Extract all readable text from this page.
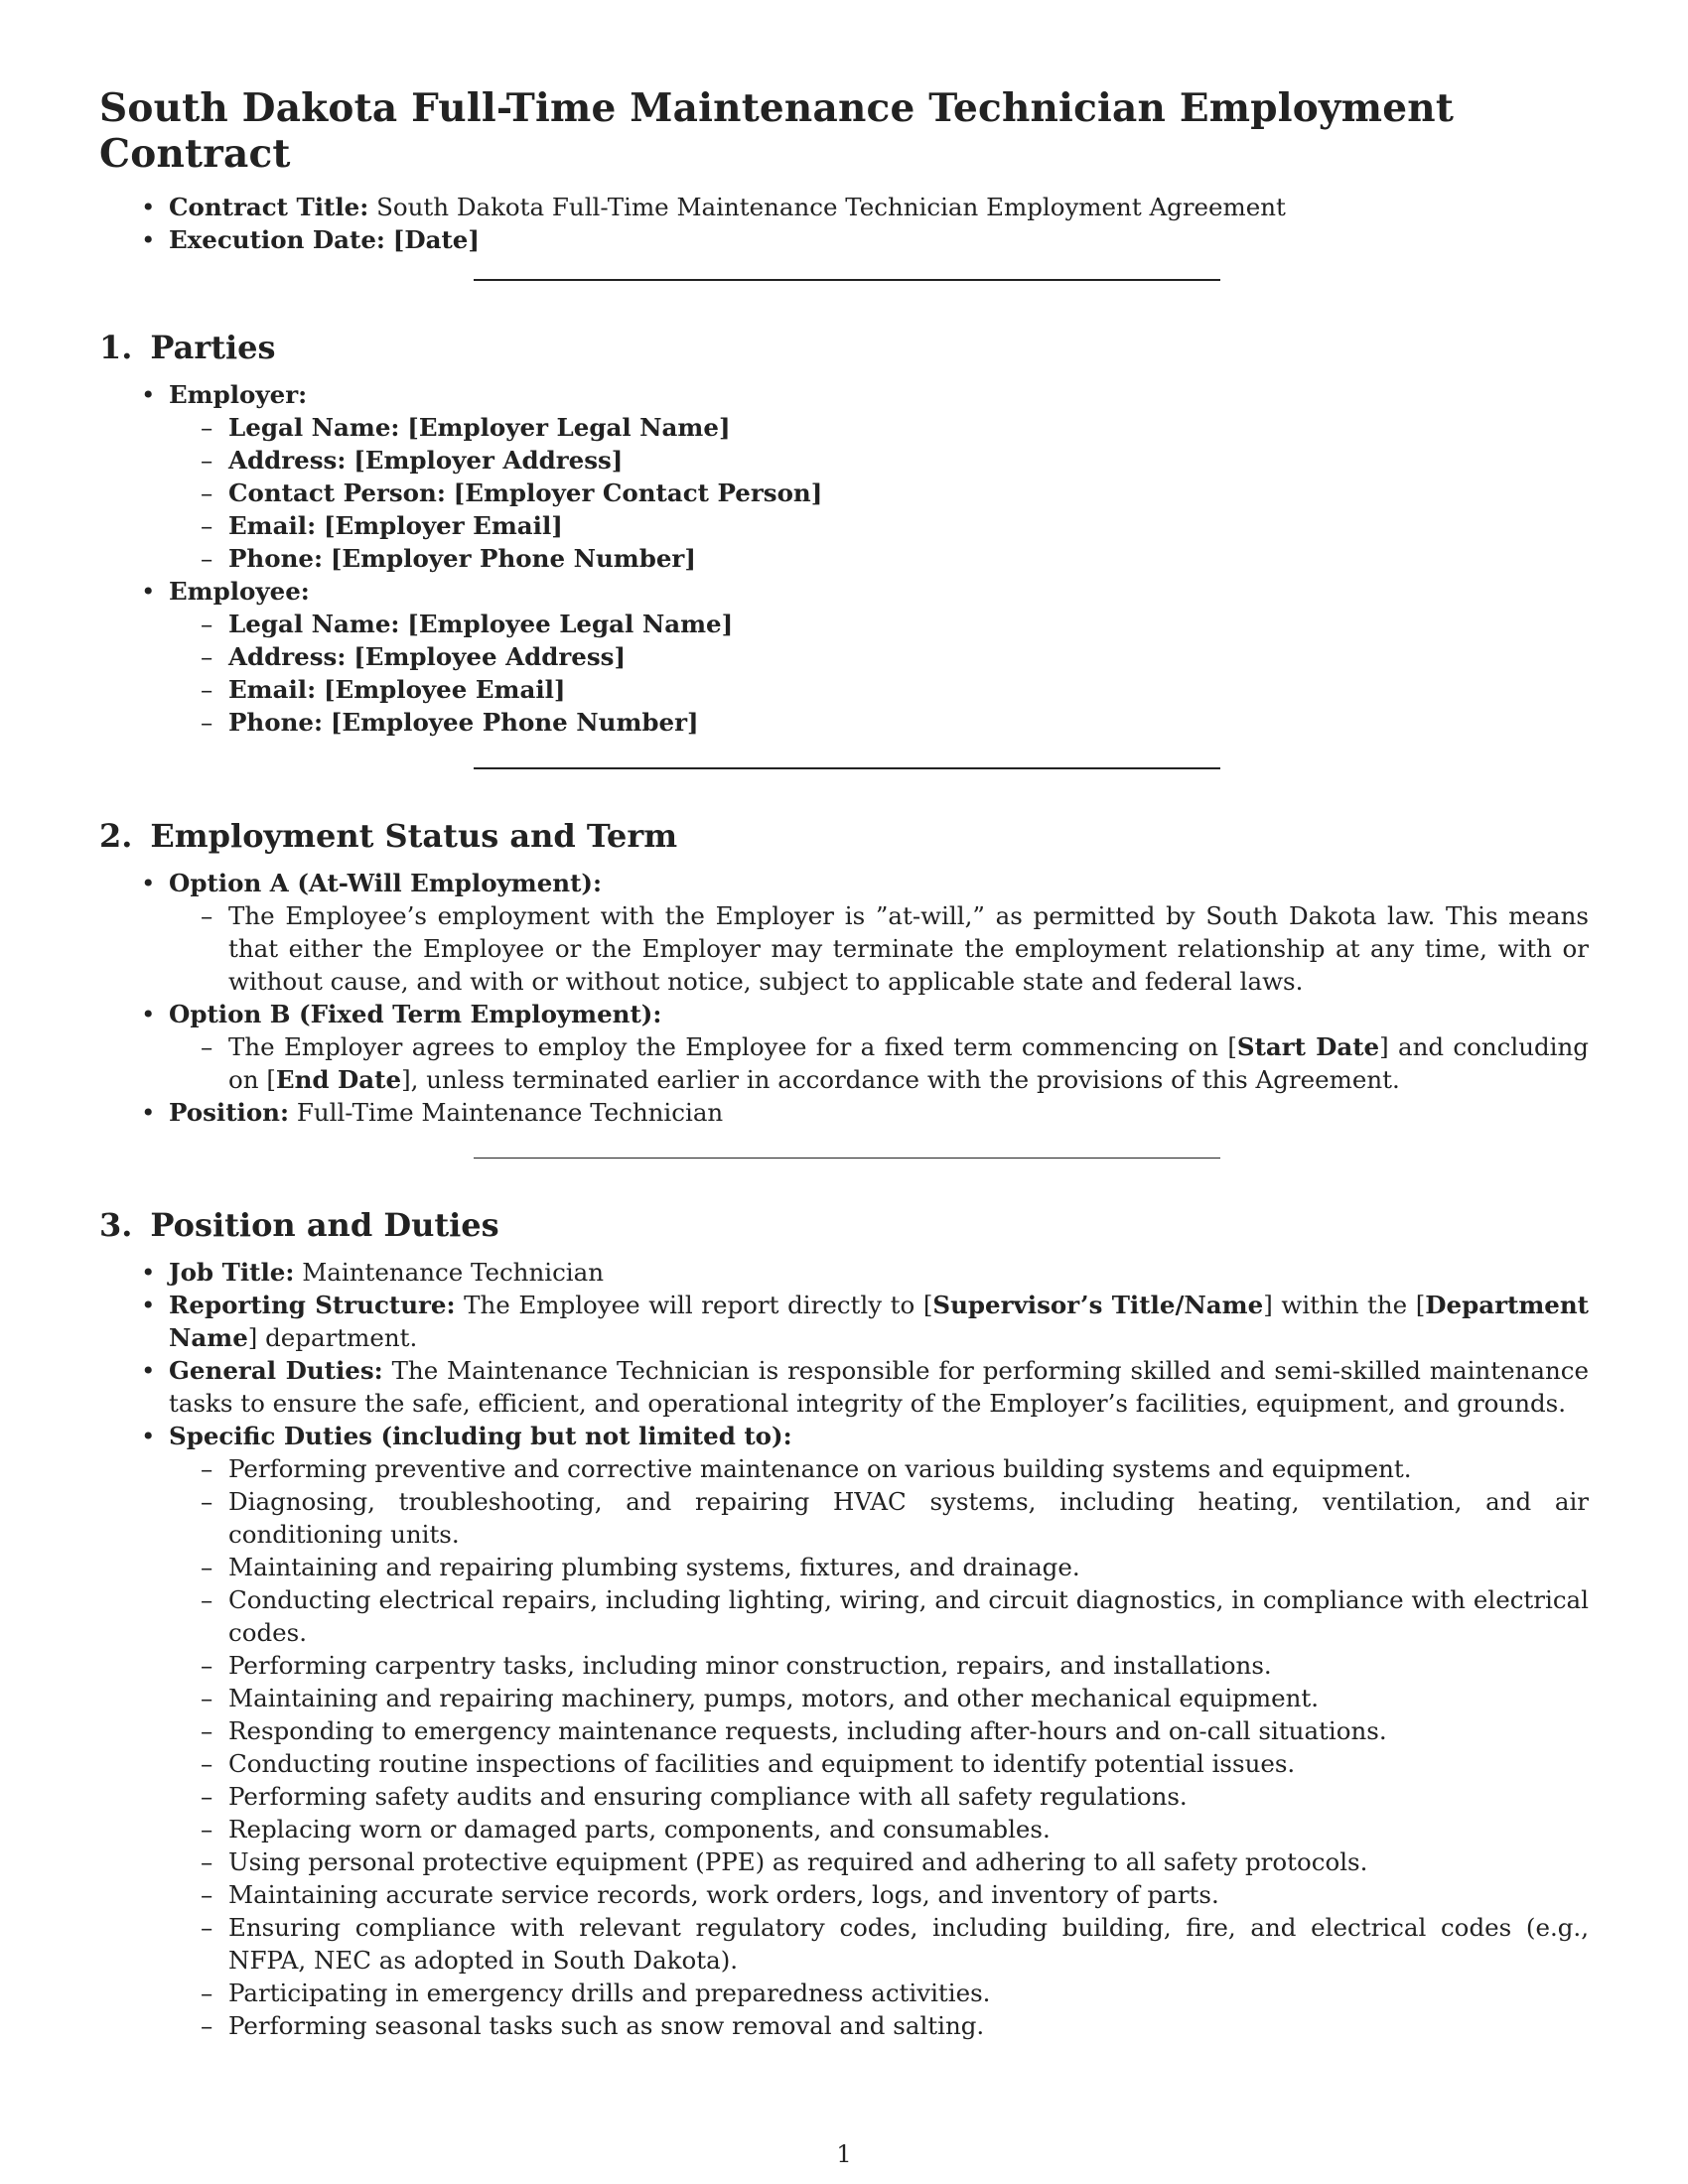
South Dakota Full-Time Maintenance Technician Employment Contract
• Contract Title: South Dakota Full-Time Maintenance Technician Employment Agreement
• Execution Date: [Date]
1. Parties
• Employer:
– Legal Name: [Employer Legal Name]
– Address: [Employer Address]
– Contact Person: [Employer Contact Person]
– Email: [Employer Email]
– Phone: [Employer Phone Number]
• Employee:
– Legal Name: [Employee Legal Name]
– Address: [Employee Address]
– Email: [Employee Email]
– Phone: [Employee Phone Number]
2. Employment Status and Term
• Option A (At-Will Employment):
– The Employee’s employment with the Employer is ”at-will,” as permitted by South Dakota law. This means that either the Employee or the Employer may terminate the employment relationship at any time, with or without cause, and with or without notice, subject to applicable state and federal laws.
• Option B (Fixed Term Employment):
– The Employer agrees to employ the Employee for a fixed term commencing on [Start Date] and concluding on [End Date], unless terminated earlier in accordance with the provisions of this Agreement.
• Position: Full-Time Maintenance Technician
3. Position and Duties
• Job Title: Maintenance Technician
• Reporting Structure: The Employee will report directly to [Supervisor’s Title/Name] within the [Department Name] department.
• General Duties: The Maintenance Technician is responsible for performing skilled and semi-skilled maintenance tasks to ensure the safe, efficient, and operational integrity of the Employer’s facilities, equipment, and grounds.
• Specific Duties (including but not limited to):
– Performing preventive and corrective maintenance on various building systems and equipment.
– Diagnosing, troubleshooting, and repairing HVAC systems, including heating, ventilation, and air conditioning units.
– Maintaining and repairing plumbing systems, fixtures, and drainage.
– Conducting electrical repairs, including lighting, wiring, and circuit diagnostics, in compliance with electrical codes.
– Performing carpentry tasks, including minor construction, repairs, and installations.
– Maintaining and repairing machinery, pumps, motors, and other mechanical equipment.
– Responding to emergency maintenance requests, including after-hours and on-call situations.
– Conducting routine inspections of facilities and equipment to identify potential issues.
– Performing safety audits and ensuring compliance with all safety regulations.
– Replacing worn or damaged parts, components, and consumables.
– Using personal protective equipment (PPE) as required and adhering to all safety protocols.
– Maintaining accurate service records, work orders, logs, and inventory of parts.
– Ensuring compliance with relevant regulatory codes, including building, fire, and electrical codes (e.g., NFPA, NEC as adopted in South Dakota).
– Participating in emergency drills and preparedness activities.
– Performing seasonal tasks such as snow removal and salting.
1
